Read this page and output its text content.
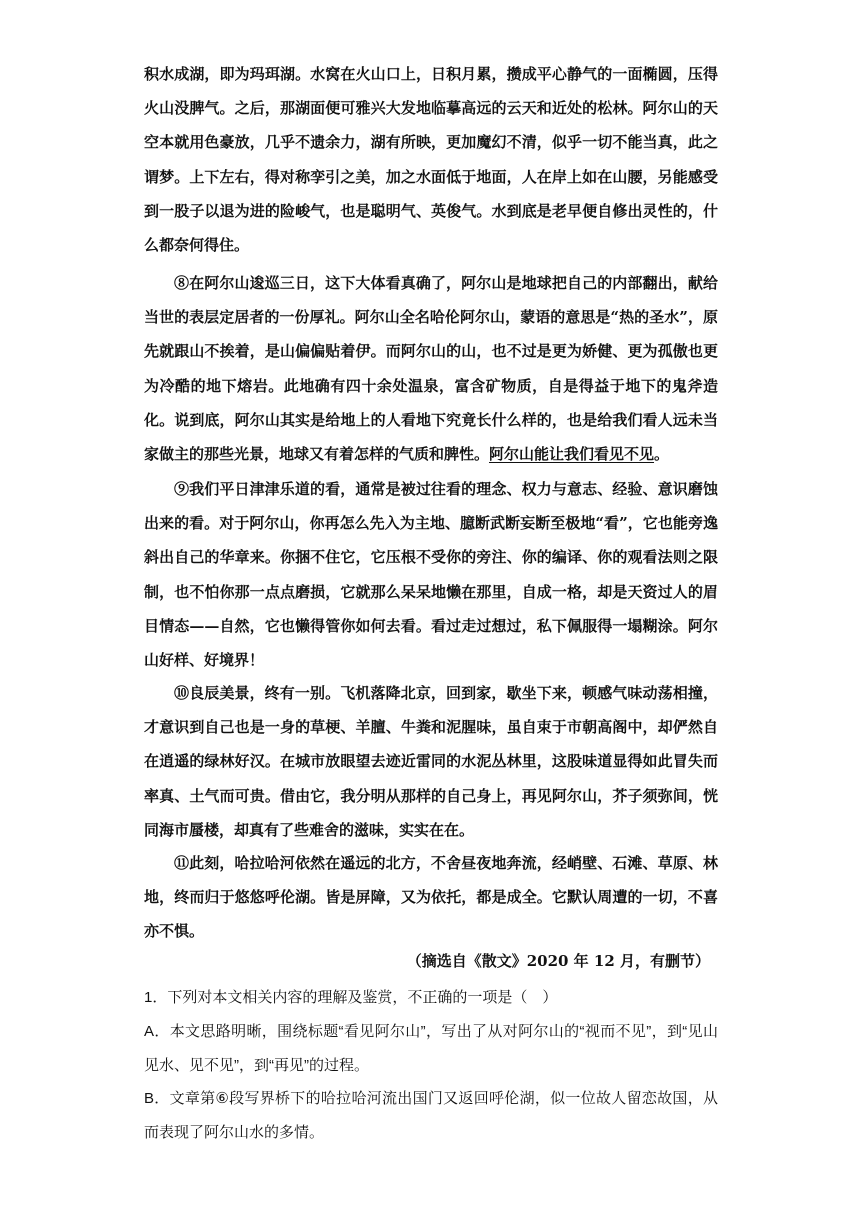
积水成湖，即为玛珥湖。水窝在火山口上，日积月累，攒成平心静气的一面椭圆，压得火山没脾气。之后，那湖面便可雅兴大发地临摹高远的云天和近处的松林。阿尔山的天空本就用色豪放，几乎不遗余力，湖有所映，更加魔幻不清，似乎一切不能当真，此之谓梦。上下左右，得对称孪引之美，加之水面低于地面，人在岸上如在山腰，另能感受到一股子以退为进的险峻气，也是聪明气、英俊气。水到底是老早便自修出灵性的，什么都奈何得住。

⑧在阿尔山逡巡三日，这下大体看真确了，阿尔山是地球把自己的内部翻出，献给当世的表层定居者的一份厚礼。阿尔山全名哈伦阿尔山，蒙语的意思是“热的圣水”，原先就跟山不挨着，是山偏偏贴着伊。而阿尔山的山，也不过是更为娇健、更为孤傲也更为冷酷的地下熔岩。此地确有四十余处温泉，富含矿物质，自是得益于地下的鬼斧造化。说到底，阿尔山其实是给地上的人看地下究竟长什么样的，也是给我们看人远未当家做主的那些光景，地球又有着怎样的气质和脾性。阿尔山能让我们看见不见。

⑨我们平日津津乐道的看，通常是被过往看的理念、权力与意志、经验、意识磨蚀出来的看。对于阿尔山，你再怎么先入为主地、臆断武断妄断至极地“看”，它也能旁逸斜出自己的华章来。你捆不住它，它压根不受你的旁注、你的编译、你的观看法则之限制，也不怕你那一点点磨损，它就那么呆呆地懒在那里，自成一格，却是天资过人的眉目情态——自然，它也懒得管你如何去看。看过走过想过，私下佩服得一塌糊涂。阿尔山好样、好境界！

⑩良辰美景，终有一别。飞机落降北京，回到家，歇坐下来，顿感气味动荡相撞，才意识到自己也是一身的草梗、羊膻、牛粪和泥腥味，虽自束于市朝高阁中，却俨然自在逍遥的绿林好汉。在城市放眼望去迹近雷同的水泥丛林里，这股味道显得如此冒失而率真、土气而可贵。借由它，我分明从那样的自己身上，再见阿尔山，芥子须弥间，恍同海市蜃楼，却真有了些难舍的滋味，实实在在。

⑪此刻，哈拉哈河依然在遥远的北方，不舍昼夜地奔流，经峭壁、石滩、草原、林地，终而归于悠悠呼伦湖。皆是屏障，又为依托，都是成全。它默认周遭的一切，不喜亦不惧。

（摘选自《散文》2020 年 12 月，有删节）

1．下列对本文相关内容的理解及鉴赏，不正确的一项是（　）

A．本文思路明晰，围绕标题“看见阿尔山”，写出了从对阿尔山的“视而不见”，到“见山见水、见不见”，到“再见”的过程。

B．文章第⑥段写界桥下的哈拉哈河流出国门又返回呼伦湖，似一位故人留恋故国，从而表现了阿尔山水的多情。
